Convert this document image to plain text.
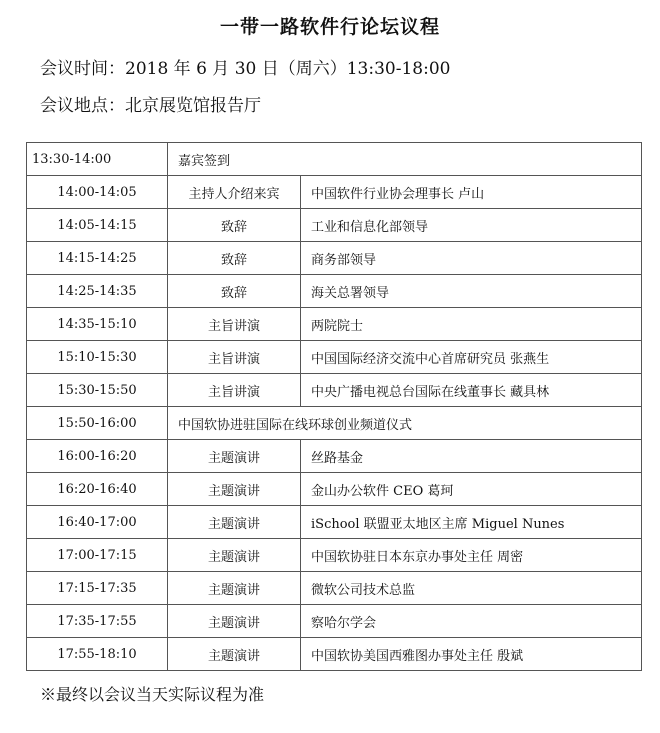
一带一路软件行论坛议程
会议时间：2018 年 6 月 30 日（周六）13:30-18:00
会议地点：北京展览馆报告厅
13:30-14:00	嘉宾签到	
14:00-14:05	主持人介绍来宾	中国软件行业协会理事长 卢山
14:05-14:15	致辞	工业和信息化部领导
14:15-14:25	致辞	商务部领导
14:25-14:35	致辞	海关总署领导
14:35-15:10	主旨讲演	两院院士
15:10-15:30	主旨讲演	中国国际经济交流中心首席研究员 张燕生
15:30-15:50	主旨讲演	中央广播电视总台国际在线董事长 藏具林
15:50-16:00	中国软协进驻国际在线环球创业频道仪式	
16:00-16:20	主题演讲	丝路基金
16:20-16:40	主题演讲	金山办公软件 CEO 葛珂
16:40-17:00	主题演讲	iSchool 联盟亚太地区主席 Miguel Nunes
17:00-17:15	主题演讲	中国软协驻日本东京办事处主任 周密
17:15-17:35	主题演讲	微软公司技术总监
17:35-17:55	主题演讲	察哈尔学会
17:55-18:10	主题演讲	中国软协美国西雅图办事处主任 殷斌
※最终以会议当天实际议程为准
